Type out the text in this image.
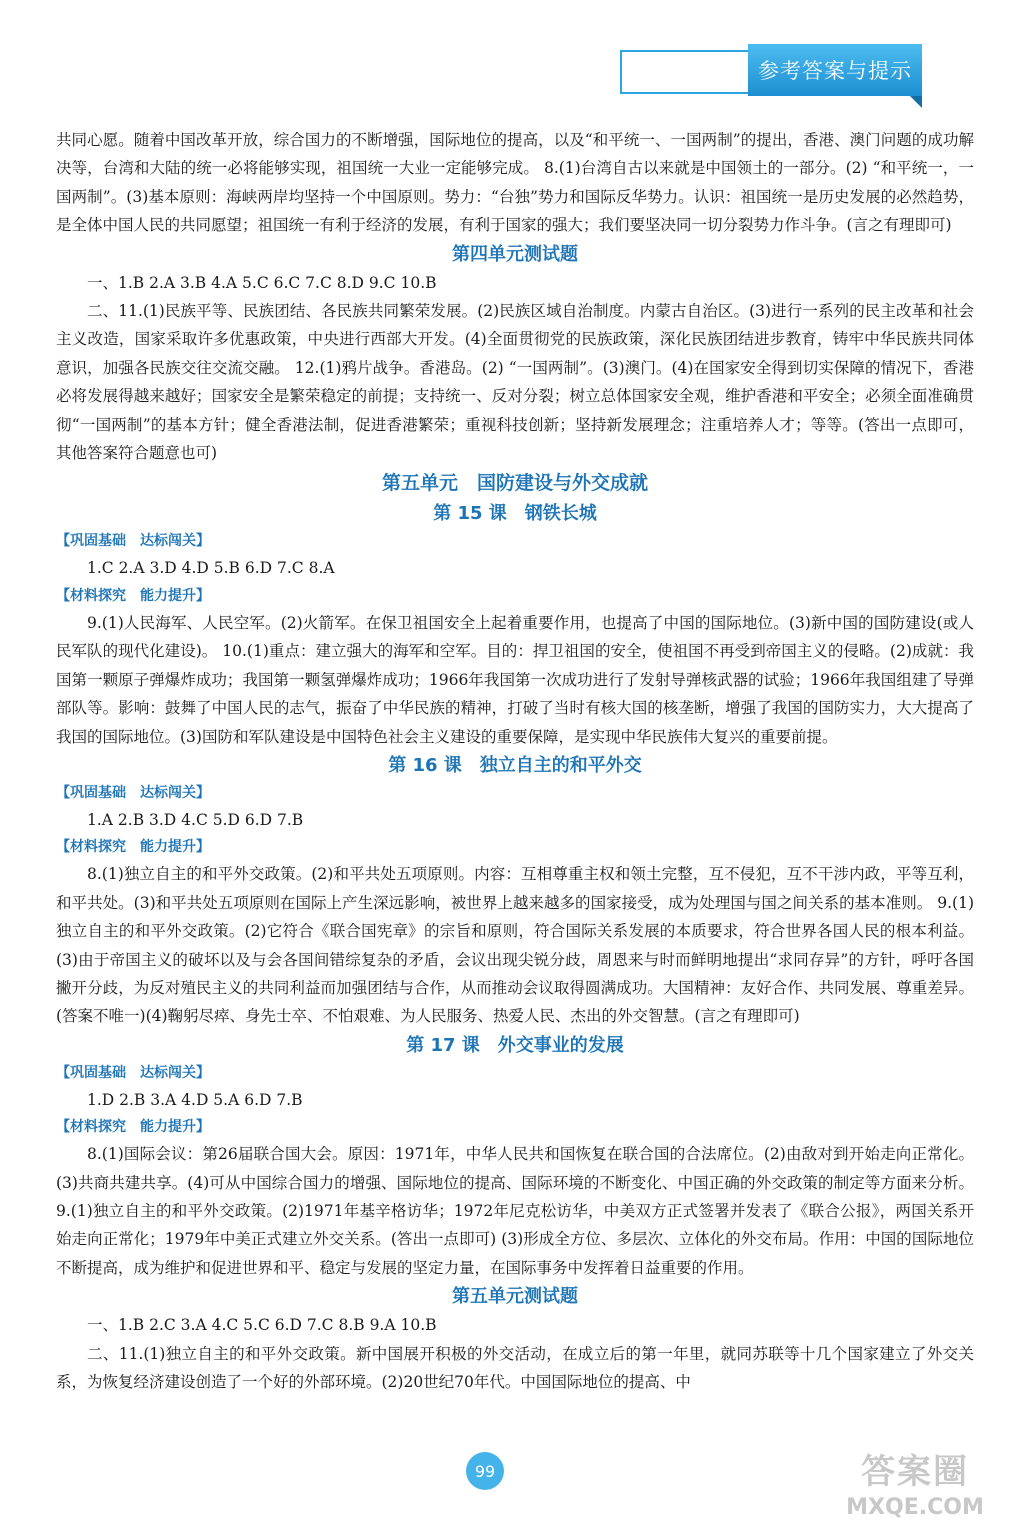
参考答案与提示

共同心愿。随着中国改革开放，综合国力的不断增强，国际地位的提高，以及“和平统一、一国两制”的提出，香港、澳门问题的成功解决等，台湾和大陆的统一必将能够实现，祖国统一大业一定能够完成。 8.(1)台湾自古以来就是中国领土的一部分。(2) “和平统一，一国两制”。(3)基本原则：海峡两岸均坚持一个中国原则。势力：“台独”势力和国际反华势力。认识：祖国统一是历史发展的必然趋势，是全体中国人民的共同愿望；祖国统一有利于经济的发展，有利于国家的强大；我们要坚决同一切分裂势力作斗争。(言之有理即可)

第四单元测试题

一、1.B 2.A 3.B 4.A 5.C 6.C 7.C 8.D 9.C 10.B

二、11.(1)民族平等、民族团结、各民族共同繁荣发展。(2)民族区域自治制度。内蒙古自治区。(3)进行一系列的民主改革和社会主义改造，国家采取许多优惠政策，中央进行西部大开发。(4)全面贯彻党的民族政策，深化民族团结进步教育，铸牢中华民族共同体意识，加强各民族交往交流交融。 12.(1)鸦片战争。香港岛。(2) “一国两制”。(3)澳门。(4)在国家安全得到切实保障的情况下，香港必将发展得越来越好；国家安全是繁荣稳定的前提；支持统一、反对分裂；树立总体国家安全观，维护香港和平安全；必须全面准确贯彻“一国两制”的基本方针；健全香港法制，促进香港繁荣；重视科技创新；坚持新发展理念；注重培养人才；等等。(答出一点即可，其他答案符合题意也可)

第五单元　国防建设与外交成就

第 15 课　钢铁长城

【巩固基础　达标闯关】

1.C 2.A 3.D 4.D 5.B 6.D 7.C 8.A

【材料探究　能力提升】

9.(1)人民海军、人民空军。(2)火箭军。在保卫祖国安全上起着重要作用，也提高了中国的国际地位。(3)新中国的国防建设(或人民军队的现代化建设)。 10.(1)重点：建立强大的海军和空军。目的：捍卫祖国的安全，使祖国不再受到帝国主义的侵略。(2)成就：我国第一颗原子弹爆炸成功；我国第一颗氢弹爆炸成功；1966年我国第一次成功进行了发射导弹核武器的试验；1966年我国组建了导弹部队等。影响：鼓舞了中国人民的志气，振奋了中华民族的精神，打破了当时有核大国的核垄断，增强了我国的国防实力，大大提高了我国的国际地位。(3)国防和军队建设是中国特色社会主义建设的重要保障，是实现中华民族伟大复兴的重要前提。

第 16 课　独立自主的和平外交

【巩固基础　达标闯关】

1.A 2.B 3.D 4.C 5.D 6.D 7.B

【材料探究　能力提升】

8.(1)独立自主的和平外交政策。(2)和平共处五项原则。内容：互相尊重主权和领土完整，互不侵犯，互不干涉内政，平等互利，和平共处。(3)和平共处五项原则在国际上产生深远影响，被世界上越来越多的国家接受，成为处理国与国之间关系的基本准则。 9.(1)独立自主的和平外交政策。(2)它符合《联合国宪章》的宗旨和原则，符合国际关系发展的本质要求，符合世界各国人民的根本利益。(3)由于帝国主义的破坏以及与会各国间错综复杂的矛盾，会议出现尖锐分歧，周恩来与时而鲜明地提出“求同存异”的方针，呼吁各国撇开分歧，为反对殖民主义的共同利益而加强团结与合作，从而推动会议取得圆满成功。大国精神：友好合作、共同发展、尊重差异。(答案不唯一)(4)鞠躬尽瘁、身先士卒、不怕艰难、为人民服务、热爱人民、杰出的外交智慧。(言之有理即可)

第 17 课　外交事业的发展

【巩固基础　达标闯关】

1.D 2.B 3.A 4.D 5.A 6.D 7.B

【材料探究　能力提升】

8.(1)国际会议：第26届联合国大会。原因：1971年，中华人民共和国恢复在联合国的合法席位。(2)由敌对到开始走向正常化。(3)共商共建共享。(4)可从中国综合国力的增强、国际地位的提高、国际环境的不断变化、中国正确的外交政策的制定等方面来分析。 9.(1)独立自主的和平外交政策。(2)1971年基辛格访华；1972年尼克松访华，中美双方正式签署并发表了《联合公报》，两国关系开始走向正常化；1979年中美正式建立外交关系。(答出一点即可) (3)形成全方位、多层次、立体化的外交布局。作用：中国的国际地位不断提高，成为维护和促进世界和平、稳定与发展的坚定力量，在国际事务中发挥着日益重要的作用。

第五单元测试题

一、1.B 2.C 3.A 4.C 5.C 6.D 7.C 8.B 9.A 10.B

二、11.(1)独立自主的和平外交政策。新中国展开积极的外交活动，在成立后的第一年里，就同苏联等十几个国家建立了外交关系，为恢复经济建设创造了一个好的外部环境。(2)20世纪70年代。中国国际地位的提高、中

99	答案圈
MXQE.COM
